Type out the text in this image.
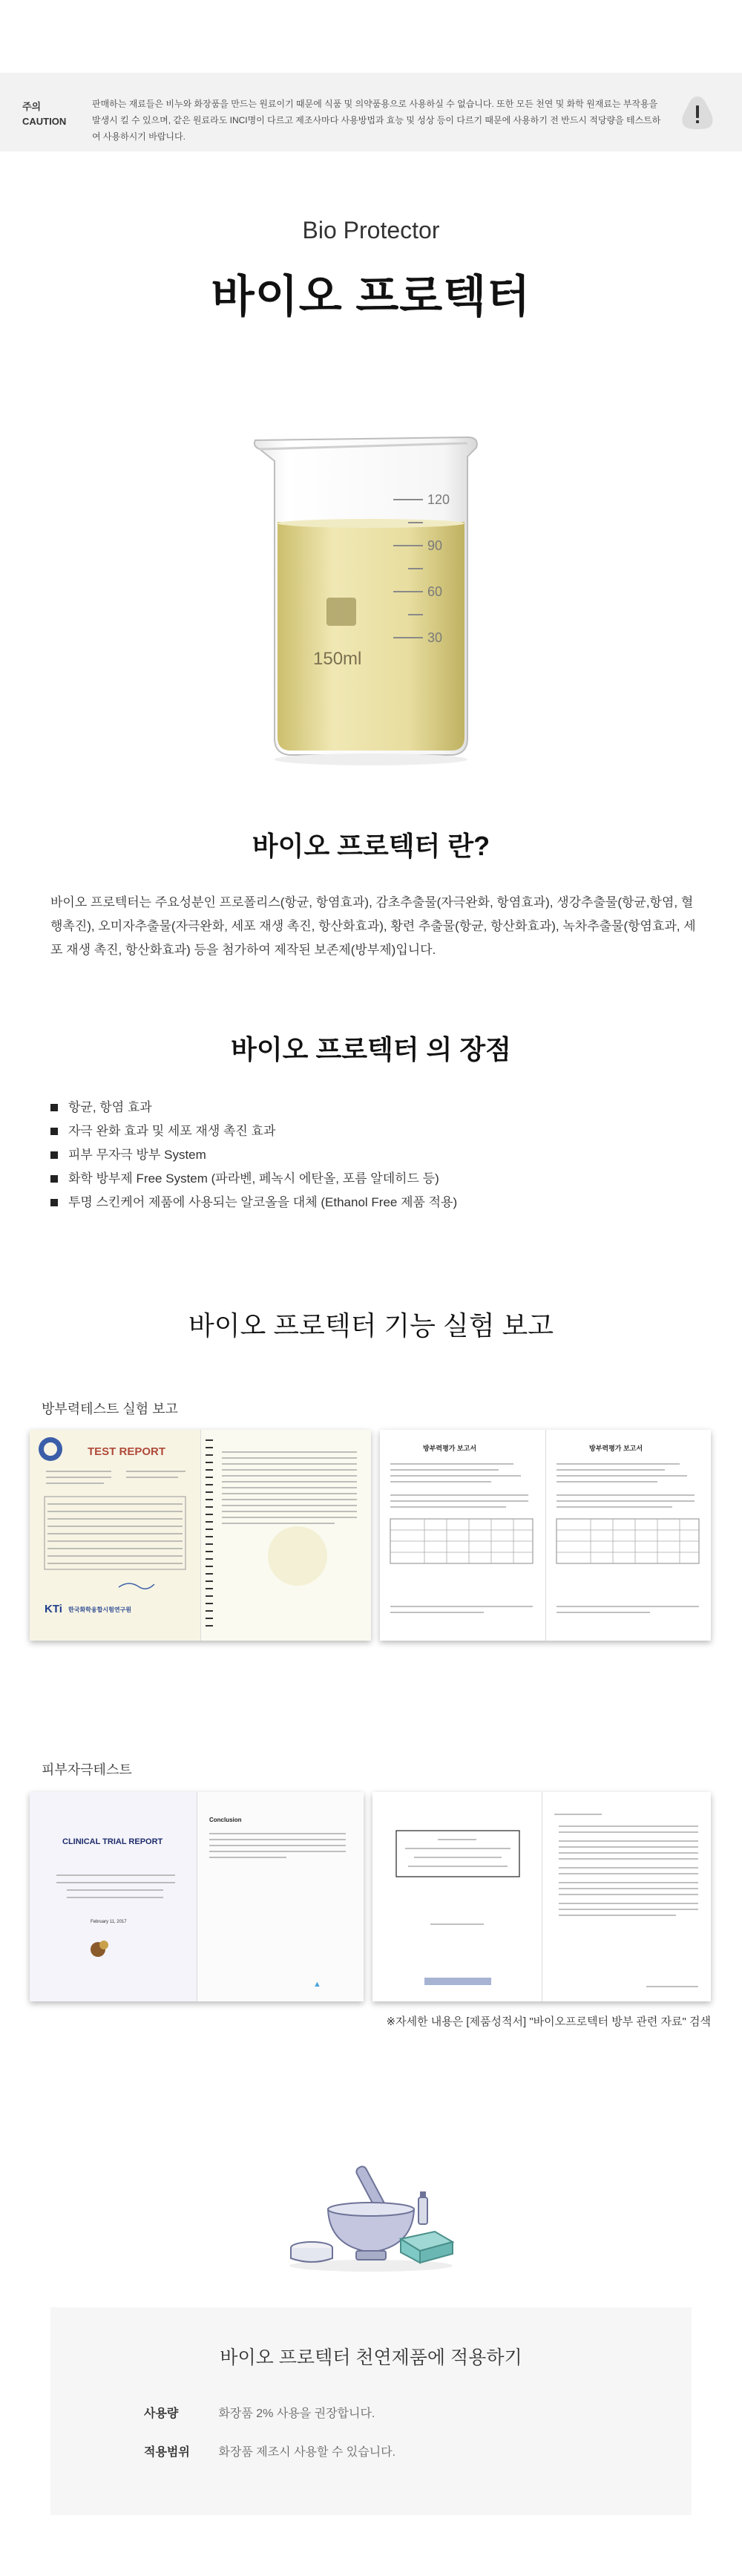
주의
CAUTION
판매하는 재료들은 비누와 화장품을 만드는 원료이기 때문에 식품 및 의약품용으로 사용하실 수 없습니다. 또한 모든 천연 및 화학 원재료는 부작용을 발생시 킬 수 있으며, 같은 원료라도 INCI명이 다르고 제조사마다 사용방법과 효능 및 성상 등이 다르기 때문에 사용하기 전 반드시 적당량을 테스트하여 사용하시기 바랍니다.
Bio Protector
바이오 프로텍터
150ml
120
90
60
30
바이오 프로텍터 란?
바이오 프로텍터는 주요성분인 프로폴리스(항균, 항염효과), 감초추출물(자극완화, 항염효과), 생강추출물(항균,항염, 혈행촉진), 오미자추출물(자극완화, 세포 재생 촉진, 항산화효과), 황련 추출물(항균, 항산화효과), 녹차추출물(항염효과, 세포 재생 촉진, 항산화효과) 등을 첨가하여 제작된 보존제(방부제)입니다.
바이오 프로텍터 의 장점
항균, 항염 효과
자극 완화 효과 및 세포 재생 촉진 효과
피부 무자극 방부 System
화학 방부제 Free System (파라벤, 페녹시 에탄올, 포름 알데히드 등)
투명 스킨케어 제품에 사용되는 알코올을 대체 (Ethanol Free 제품 적용)
바이오 프로텍터 기능 실험 보고
방부력테스트 실험 보고
TEST REPORT
KTi 한국화학융합시험연구원
방부력평가 보고서	방부력평가 보고서
피부자극테스트
CLINICAL TRIAL REPORT
February 11, 2017
Conclusion
▲
※자세한 내용은 [제품성적서] "바이오프로텍터 방부 관련 자료" 검색
바이오 프로텍터 천연제품에 적용하기
사용량	화장품 2% 사용을 권장합니다.
적용범위 화장품 제조시 사용할 수 있습니다.
